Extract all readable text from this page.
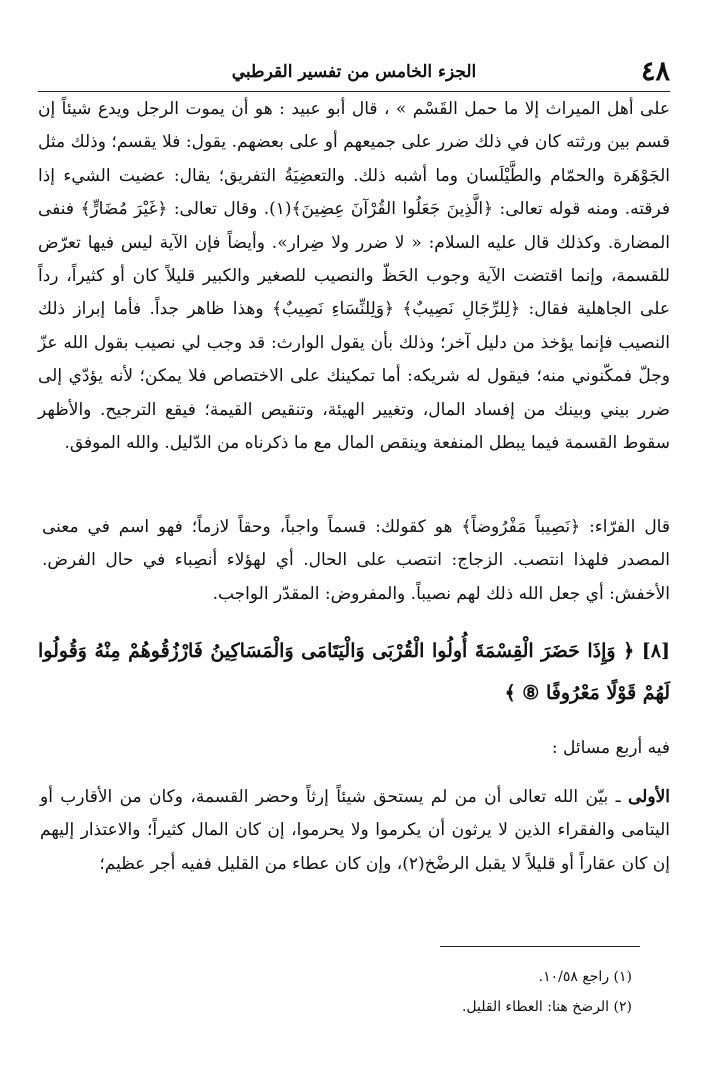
٤٨
الجزء الخامس من تفسير القرطبي

على أهل الميراث إلا ما حمل القَسْم » ، قال أبو عبيد : هو أن يموت الرجل ويدع شيئاً إن قسم بين ورثته كان في ذلك ضرر على جميعهم أو على بعضهم. يقول: فلا يقسم؛ وذلك مثل الجَوْهَرة والحمّام والطَّيْلَسان وما أشبه ذلك. والتعضِيَةُ التفريق؛ يقال: عضيت الشيء إذا فرقته. ومنه قوله تعالى: ﴿الَّذِينَ جَعَلُوا القُرْآنَ عِضِينَ﴾(١). وقال تعالى: ﴿غَيْرَ مُضَارٍّ﴾ فنفى المضارة. وكذلك قال عليه السلام: « لا ضرر ولا ضِرار». وأيضاً فإن الآية ليس فيها تعرّض للقسمة، وإنما اقتضت الآية وجوب الحَظّ والنصيب للصغير والكبير قليلاً كان أو كثيراً، رداً على الجاهلية فقال: ﴿لِلرِّجَالِ نَصِيبٌ﴾ ﴿وَلِلنِّسَاءِ نَصِيبٌ﴾ وهذا ظاهر جداً. فأما إبراز ذلك النصيب فإنما يؤخذ من دليل آخر؛ وذلك بأن يقول الوارث: قد وجب لي نصيب بقول الله عزّ وجلّ فمكّنوني منه؛ فيقول له شريكه: أما تمكينك على الاختصاص فلا يمكن؛ لأنه يؤدّي إلى ضرر بيني وبينك من إفساد المال، وتغيير الهيئة، وتنقيص القيمة؛ فيقع الترجيح. والأظهر سقوط القسمة فيما يبطل المنفعة وينقص المال مع ما ذكرناه من الدّليل. والله الموفق.

قال الفرّاء: ﴿نَصِيباً مَفْرُوضاً﴾ هو كقولك: قسماً واجباً، وحقاً لازماً؛ فهو اسم في معنى المصدر فلهذا انتصب. الزجاج: انتصب على الحال. أي لهؤلاء أنصِباء في حال الفرض. الأخفش: أي جعل الله ذلك لهم نصيباً. والمفروض: المقدّر الواجب.

[٨] ﴿ وَإِذَا حَضَرَ الْقِسْمَةَ أُولُوا الْقُرْبَى وَالْيَتَامَى وَالْمَسَاكِينُ فَارْزُقُوهُمْ مِنْهُ وَقُولُوا لَهُمْ قَوْلًا مَعْرُوفًا ⑧ ﴾

فيه أربع مسائل :

الأولى ـ بيّن الله تعالى أن من لم يستحق شيئاً إرثاً وحضر القسمة، وكان من الأقارب أو اليتامى والفقراء الذين لا يرثون أن يكرموا ولا يحرموا، إن كان المال كثيراً؛ والاعتذار إليهم إن كان عقاراً أو قليلاً لا يقبل الرضْخ(٢)، وإن كان عطاء من القليل ففيه أجر عظيم؛

(١) راجع ١٠/٥٨.
(٢) الرضخ هنا: العطاء القليل.
